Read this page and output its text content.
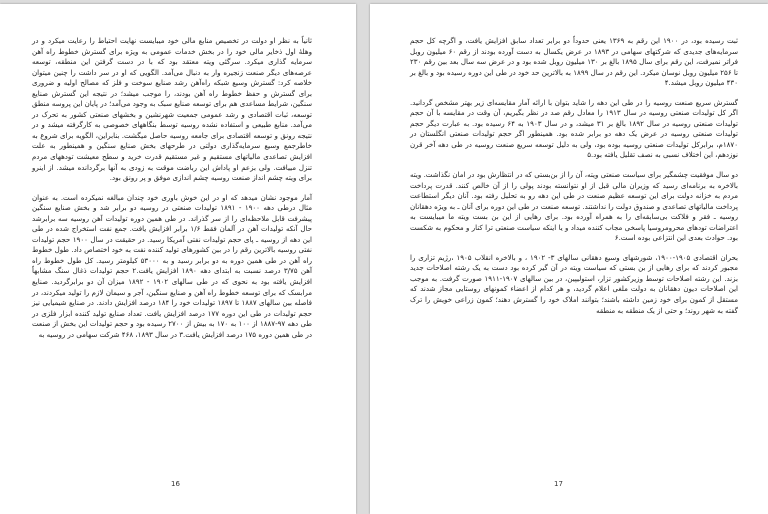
ثانیاً به نظر او دولت در تخصیص منابع مالی خود میبایست نهایت احتیاط را رعایت میکرد و در وهلهٔ اول ذخایر مالی خود را در بخش خدمات عمومی به ویژه برای گسترش خطوط راه آهن سرمایه گذاری میکرد. سرگئی ویته معتقد بود که با در دست گرفتن این منطقه، توسعه عرصه‌های دیگر صنعت زنجیره وار به دنبال می‌آمد. الگویی که او در سر داشت را چنین میتوان خلاصه کرد: گسترش وسیع شبکه راه‌آهن رشد صنایع سوخت و فلز که مصالح اولیه و ضروری برای گسترش و حفظ خطوط راه آهن بودند، را موجب میشد؛ در نتیجه این گسترش صنایع سنگین، شرایط مساعدی هم برای توسعه صنایع سبک به وجود می‌آمد؛ در پایان این پروسه منطق توسعه، ثبات اقتصادی و رشد عمومی جمعیت شهرنشین و بخشهای صنعتی کشور به تحرک در می‌آمد. منابع طبیعی و استفاده نشده روسیه توسط بنگاههای خصوصی به کارگرفته میشد و در نتیجه رونق و توسعه اقتصادی برای جامعه روسیه حاصل میگشت. بنابراین، الگویه برای شروع به خاطرجمع وسیع سرمایه‌گذاری دولتی در طرحهای بخش صنایع سنگین و همینطور به علت افزایش تصاعدی مالیاتهای مستقیم و غیر مستقیم قدرت خرید و سطح معیشت تودههای مردم تنزل مییافت. ولی بزعم او پاداش این رباضت موقت به زودی به آنها برگردانده میشد. از اینرو برای ویته چشم انداز صنعت روسیه چشم اندازی موفق و پر رونق بود.

آمار موجود نشان میدهد که او در این خوش باوری خود چندان مبالغه نمیکرده است. به عنوان مثال درطی دهه ۱۹۰۰ - ۱۸۹۱ تولیدات صنعتی در روسیه دو برابر شد و بخش صنایع سنگین پیشرفت قابل ملاحظه‌ای را از سر گذراند. در طی همین دوره تولیدات آهن روسیه سه برابرشد حال آنکه تولیدات آهن در آلمان فقط ۱/۶ برابر افزایش یافت. جمع نفت استخراج شده در طی این دهه از روسیه ـ پای حجم تولیدات نفتی آمریکا رسید. در حقیقت در سال ۱۹۰۰ حجم تولیدات نفتی روسیه بالاترین رقم را در بین کشورهای تولید کننده نفت به خود اختصاص داد. طول خطوط راه آهن در طی همین دوره به دو برابر رسید و به ۵۳۰۰۰ کیلومتر رسید. کل طول خطوط راه آهن ۳/۷۵ درصد نسبت به ابتدای دهه ۱۸۹۰ افزایش یافت.۲ حجم تولیدات ذغال سنگ مشابهاً افزایش یافته بود به نحوی که در طی سالهای ۱۹۰۲ - ۱۸۹۲ میزان آن دو برابرگردید. صنایع مرابسک که برای توسعه خطوط راه آهن و صنایع سنگین، آجر و سیمان لازم را تولید میکردند، در فاصله بین سالهای ۱۸۸۷ تا ۱۸۹۷ تولیدات خود را ۱۸۴ درصد افزایش دادند. در صنایع شیمیایی نیز حجم تولیدات در طی این دوره ۱۷۷ درصد افزایش یافت. تعداد صنایع تولید کننده ابزار فلزی در طی دهه ۹۷-۱۸۸۷ از ۱۰۰ به ۱۷۰ به بیش از ۲۷۰۰ رسیده بود و حجم تولیدات این بخش از صنعت در طی همین دوره ۱۷۵ درصد افزایش یافت.۳ در سال ۱۸۹۳، ۴۶۸ شرکت سهامی در روسیه به

16

ثبت رسیده بود، در ۱۹۰۰ این رقم به ۱۳۶۹ یعنی حدوداً دو برابر تعداد سابق افزایش یافت، و اگرچه کل حجم سرمایه‌های جدیدی که شرکتهای سهامی در ۱۸۹۳ در عرض یکسال به دست آورده بودند از رقم ۶۰ میلیون روبل فراتر نمیرفت، این رقم برای سال ۱۸۹۵ بالغ بر ۱۳۰ میلیون روبل شده بود و در عرض سه سال بعد بین رقم ۲۳۰ تا ۲۵۶ میلیون روبل نوسان میکرد. این رقم در سال ۱۸۹۹ به بالاترین حد خود در طی این دوره رسیده بود و بالغ بر ۴۳۰ میلیون روبل میشد.۴

گسترش سریع صنعت روسیه را در طی این دهه را شاید بتوان با ارائه آمار مقایسه‌ای زیر بهتر مشخص گردانید. اگر کل تولیدات صنعتی روسیه در سال ۱۹۱۳ را معادل رقم صد در نظر بگیریم، آن وقت در مقایسه با آن حجم تولیدات صنعتی روسیه در سال ۱۸۹۲ بالغ بر ۳۱ میشد، و در سال ۱۹۰۳ به ۶۴ رسیده بود. به عبارت دیگر حجم تولیدات صنعتی روسیه در عرض یک دهه دو برابر شده بود. همینطور اگر حجم تولیدات صنعتی انگلستان در ۱۸۷۰م، برابرکل تولیدات صنعتی روسیه بوده بود، ولی به دلیل توسعه سریع صنعت روسیه در طی دهه آخر قرن نوزدهم، این اختلاف نسبی به نصف تقلیل یافته بود.۵

دو سال موفقیت چشمگیر برای سیاست صنعتی ویته، آن را از بن‌بستی که در انتظارش بود در امان نگذاشت. ویته بالاخره به برنامه‌ای رسید که وزیران مالی قبل از او نتوانسته بودند پولی را از آن خالص کنند. قدرت پرداخت مردم به خزانه دولت برای این توسعه عظیم صنعت در طی این دهه رو به تحلیل رفته بود. آنان دیگر استطاعت پرداخت مالیاتهای تصاعدی و صندوق دولت را نداشتند. توسعه صنعت در طی این دوره برای آنان ـ به ویژه دهقانان روسیه ـ فقر و فلاکت بی‌سابقه‌ای را به همراه آورده بود. برای رهایی از این بن بست ویته ما میبایست به اعتراضات تودهای محرومروسیا پاسخی مجاب کننده میداد و یا اینکه سیاست صنعتی ترا کنار و محکوم به شکست بود. حوادث بعدی این انتزاعی بوده است.۶

بحران اقتصادی ۱۹۰۵-۱۹۰۰، شورشهای وسیع دهقانی سالهای ۳- ۱۹۰۲ ، و بالاخره انقلاب ۱۹۰۵ ،رژیم تزاری را مجبور کردند که برای رهایی از بن بستی که سیاست ویته در آن گیر کرده بود دست به یک رشته اصلاحات جدید بزند. این رشته اصلاحات توسط وزیرکشور تزار، استولیپین، در بین سالهای ۱۹۰۷-۱۹۱۱ صورت گرفت. به موجب این اصلاحات دیون دهقانان به دولت ملغی اعلام گردید، و هر کدام از اعضاء کمونهای روستایی مجاز شدند که مستقل از کمون برای خود زمین داشته باشند؛ بتوانند املاک خود را گسترش دهند؛ کمون زراعی خویش را ترک گفته به شهر روند؛ و حتی از یک منطقه به منطقه

17
